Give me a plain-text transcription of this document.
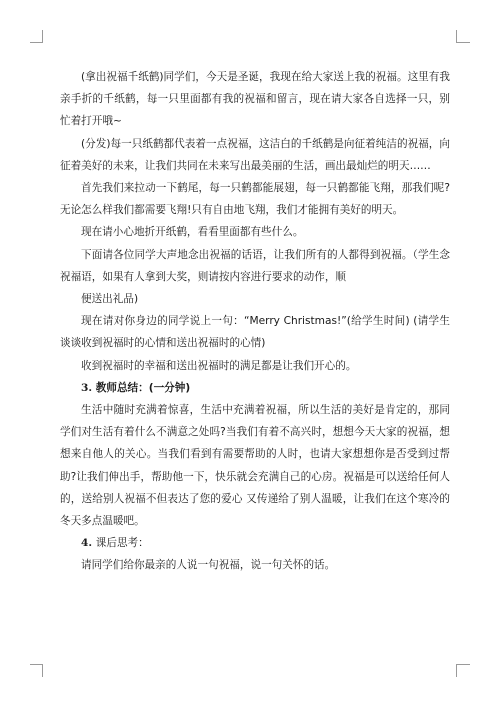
(拿出祝福千纸鹤)同学们，今天是圣诞，我现在给大家送上我的祝福。这里有我亲手折的千纸鹤，每一只里面都有我的祝福和留言，现在请大家各自选择一只，别忙着打开哦~

(分发)每一只纸鹤都代表着一点祝福，这洁白的千纸鹤是向征着纯洁的祝福，向征着美好的未来，让我们共同在未来写出最美丽的生活，画出最灿烂的明天……

首先我们来拉动一下鹤尾，每一只鹤都能展翅，每一只鹤都能飞翔，那我们呢?无论怎么样我们都需要飞翔!只有自由地飞翔，我们才能拥有美好的明天。

现在请小心地折开纸鹤，看看里面都有些什么。

下面请各位同学大声地念出祝福的话语，让我们所有的人都得到祝福。（学生念祝福语，如果有人拿到大奖，则请按内容进行要求的动作，顺

便送出礼品)

现在请对你身边的同学说上一句：“Merry Christmas!”(给学生时间) (请学生谈谈收到祝福时的心情和送出祝福时的心情)

收到祝福时的幸福和送出祝福时的满足都是让我们开心的。

3. 教师总结：(一分钟)

生活中随时充满着惊喜，生活中充满着祝福，所以生活的美好是肯定的，那同学们对生活有着什么不满意之处吗?当我们有着不高兴时，想想今天大家的祝福，想想来自他人的关心。当我们看到有需要帮助的人时，也请大家想想你是否受到过帮助?让我们伸出手，帮助他一下，快乐就会充满自己的心房。祝福是可以送给任何人的，送给别人祝福不但表达了您的爱心 又传递给了别人温暖，让我们在这个寒冷的冬天多点温暖吧。

4. 课后思考：

请同学们给你最亲的人说一句祝福，说一句关怀的话。
